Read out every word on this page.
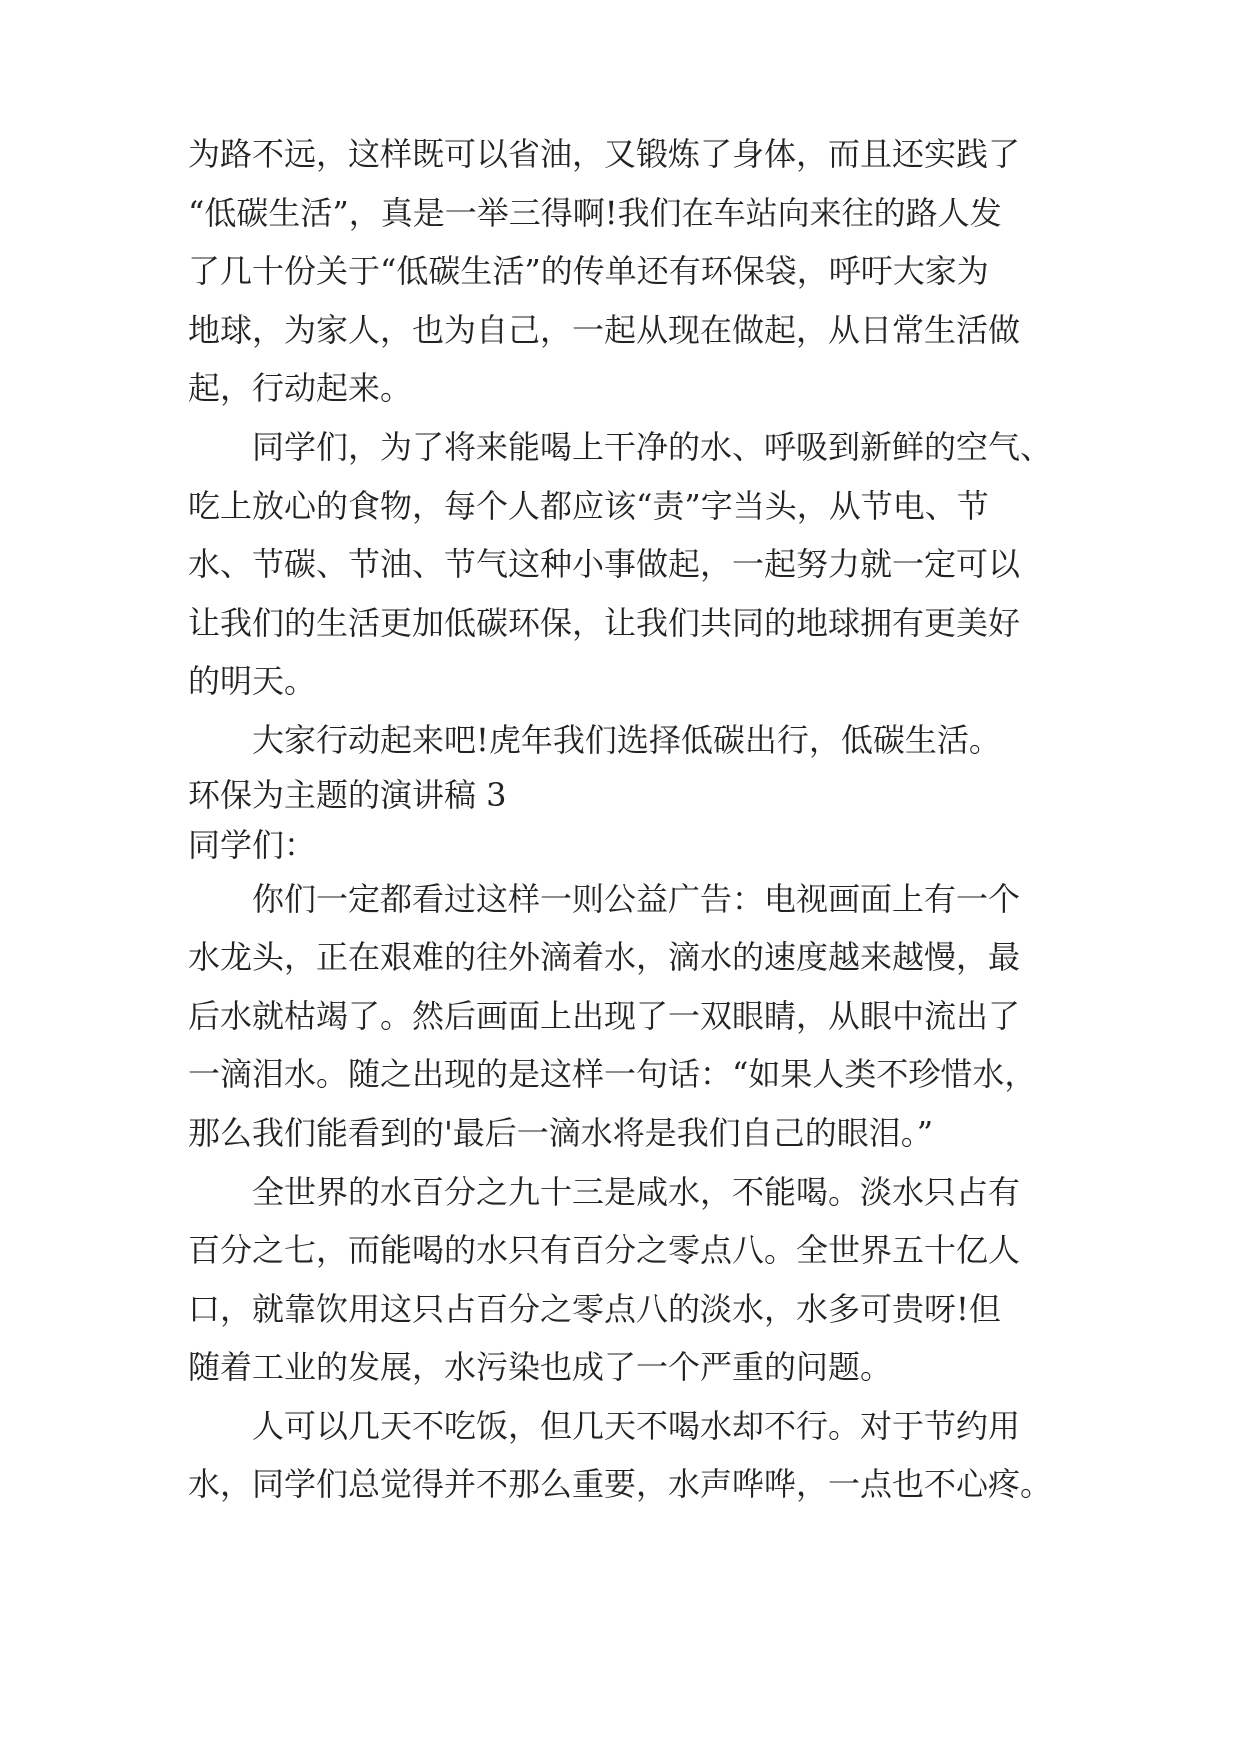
为路不远，这样既可以省油，又锻炼了身体，而且还实践了
“低碳生活”，真是一举三得啊!我们在车站向来往的路人发
了几十份关于“低碳生活”的传单还有环保袋，呼吁大家为
地球，为家人，也为自己，一起从现在做起，从日常生活做
起，行动起来。
　　同学们，为了将来能喝上干净的水、呼吸到新鲜的空气、
吃上放心的食物，每个人都应该“责”字当头，从节电、节
水、节碳、节油、节气这种小事做起，一起努力就一定可以
让我们的生活更加低碳环保，让我们共同的地球拥有更美好
的明天。
　　大家行动起来吧!虎年我们选择低碳出行，低碳生活。
环保为主题的演讲稿 3
同学们：
　　你们一定都看过这样一则公益广告：电视画面上有一个
水龙头，正在艰难的往外滴着水，滴水的速度越来越慢，最
后水就枯竭了。然后画面上出现了一双眼睛，从眼中流出了
一滴泪水。随之出现的是这样一句话：“如果人类不珍惜水，
那么我们能看到的'最后一滴水将是我们自己的眼泪。”
　　全世界的水百分之九十三是咸水，不能喝。淡水只占有
百分之七，而能喝的水只有百分之零点八。全世界五十亿人
口，就靠饮用这只占百分之零点八的淡水，水多可贵呀!但
随着工业的发展，水污染也成了一个严重的问题。
　　人可以几天不吃饭，但几天不喝水却不行。对于节约用
水，同学们总觉得并不那么重要，水声哗哗，一点也不心疼。
